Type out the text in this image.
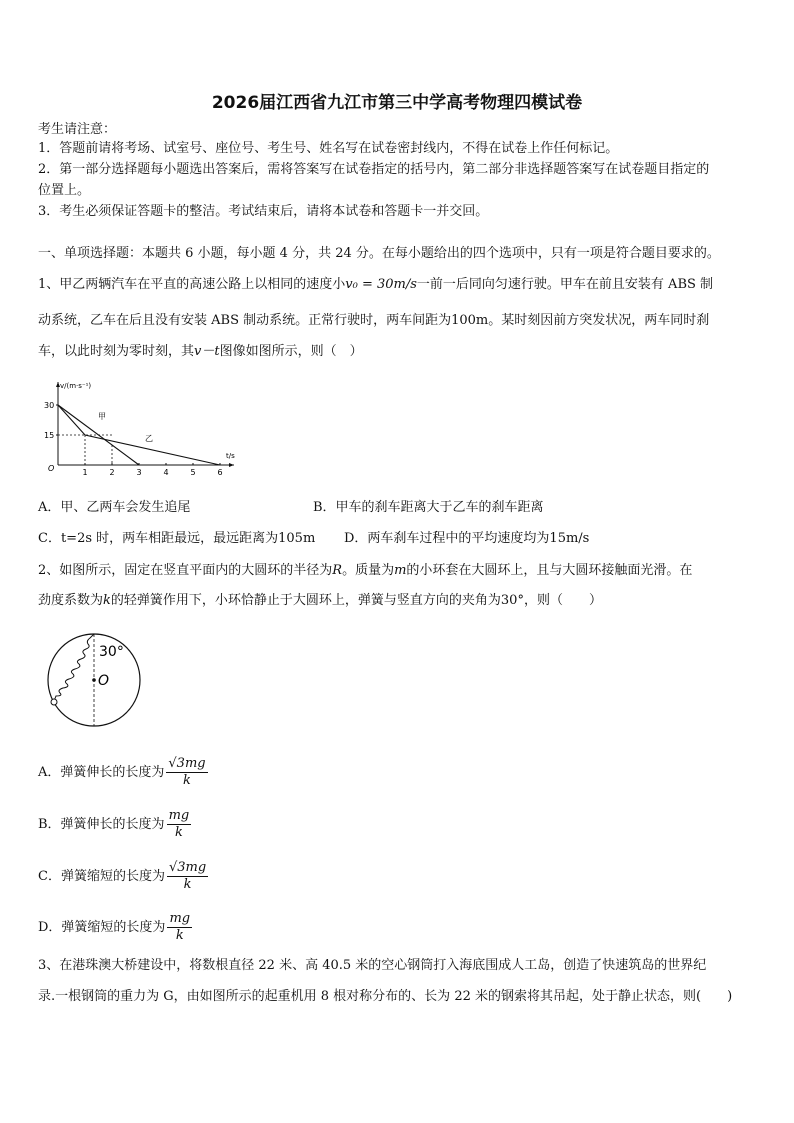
2026届江西省九江市第三中学高考物理四模试卷
考生请注意：
1．答题前请将考场、试室号、座位号、考生号、姓名写在试卷密封线内，不得在试卷上作任何标记。
2．第一部分选择题每小题选出答案后，需将答案写在试卷指定的括号内，第二部分非选择题答案写在试卷题目指定的
位置上。
3．考生必须保证答题卡的整洁。考试结束后，请将本试卷和答题卡一并交回。
一、单项选择题：本题共 6 小题，每小题 4 分，共 24 分。在每小题给出的四个选项中，只有一项是符合题目要求的。
1、甲乙两辆汽车在平直的高速公路上以相同的速度小v₀ = 30m/s一前一后同向匀速行驶。甲车在前且安装有 ABS 制
动系统，乙车在后且没有安装 ABS 制动系统。正常行驶时，两车间距为100m。某时刻因前方突发状况，两车同时刹
车，以此时刻为零时刻，其v－t图像如图所示，则（　）
v/(m·s⁻¹)
t/s
O
甲
乙
30
15
1	2	3	4	5	6
A．甲、乙两车会发生追尾	B．甲车的刹车距离大于乙车的刹车距离
C．t=2s 时，两车相距最远，最远距离为105m D．两车刹车过程中的平均速度均为15m/s
2、如图所示，固定在竖直平面内的大圆环的半径为R。质量为m的小环套在大圆环上，且与大圆环接触面光滑。在
劲度系数为k的轻弹簧作用下，小环恰静止于大圆环上，弹簧与竖直方向的夹角为30°，则（　　）
30°
O
A．弹簧伸长的长度为 $\frac{√3mg}{k}$
B．弹簧伸长的长度为 $\frac{mg}{k}$
C．弹簧缩短的长度为 $\frac{√3mg}{k}$
D．弹簧缩短的长度为 $\frac{mg}{k}$
3、在港珠澳大桥建设中，将数根直径 22 米、高 40.5 米的空心钢筒打入海底围成人工岛，创造了快速筑岛的世界纪
录.一根钢筒的重力为 G，由如图所示的起重机用 8 根对称分布的、长为 22 米的钢索将其吊起，处于静止状态，则(　　)
